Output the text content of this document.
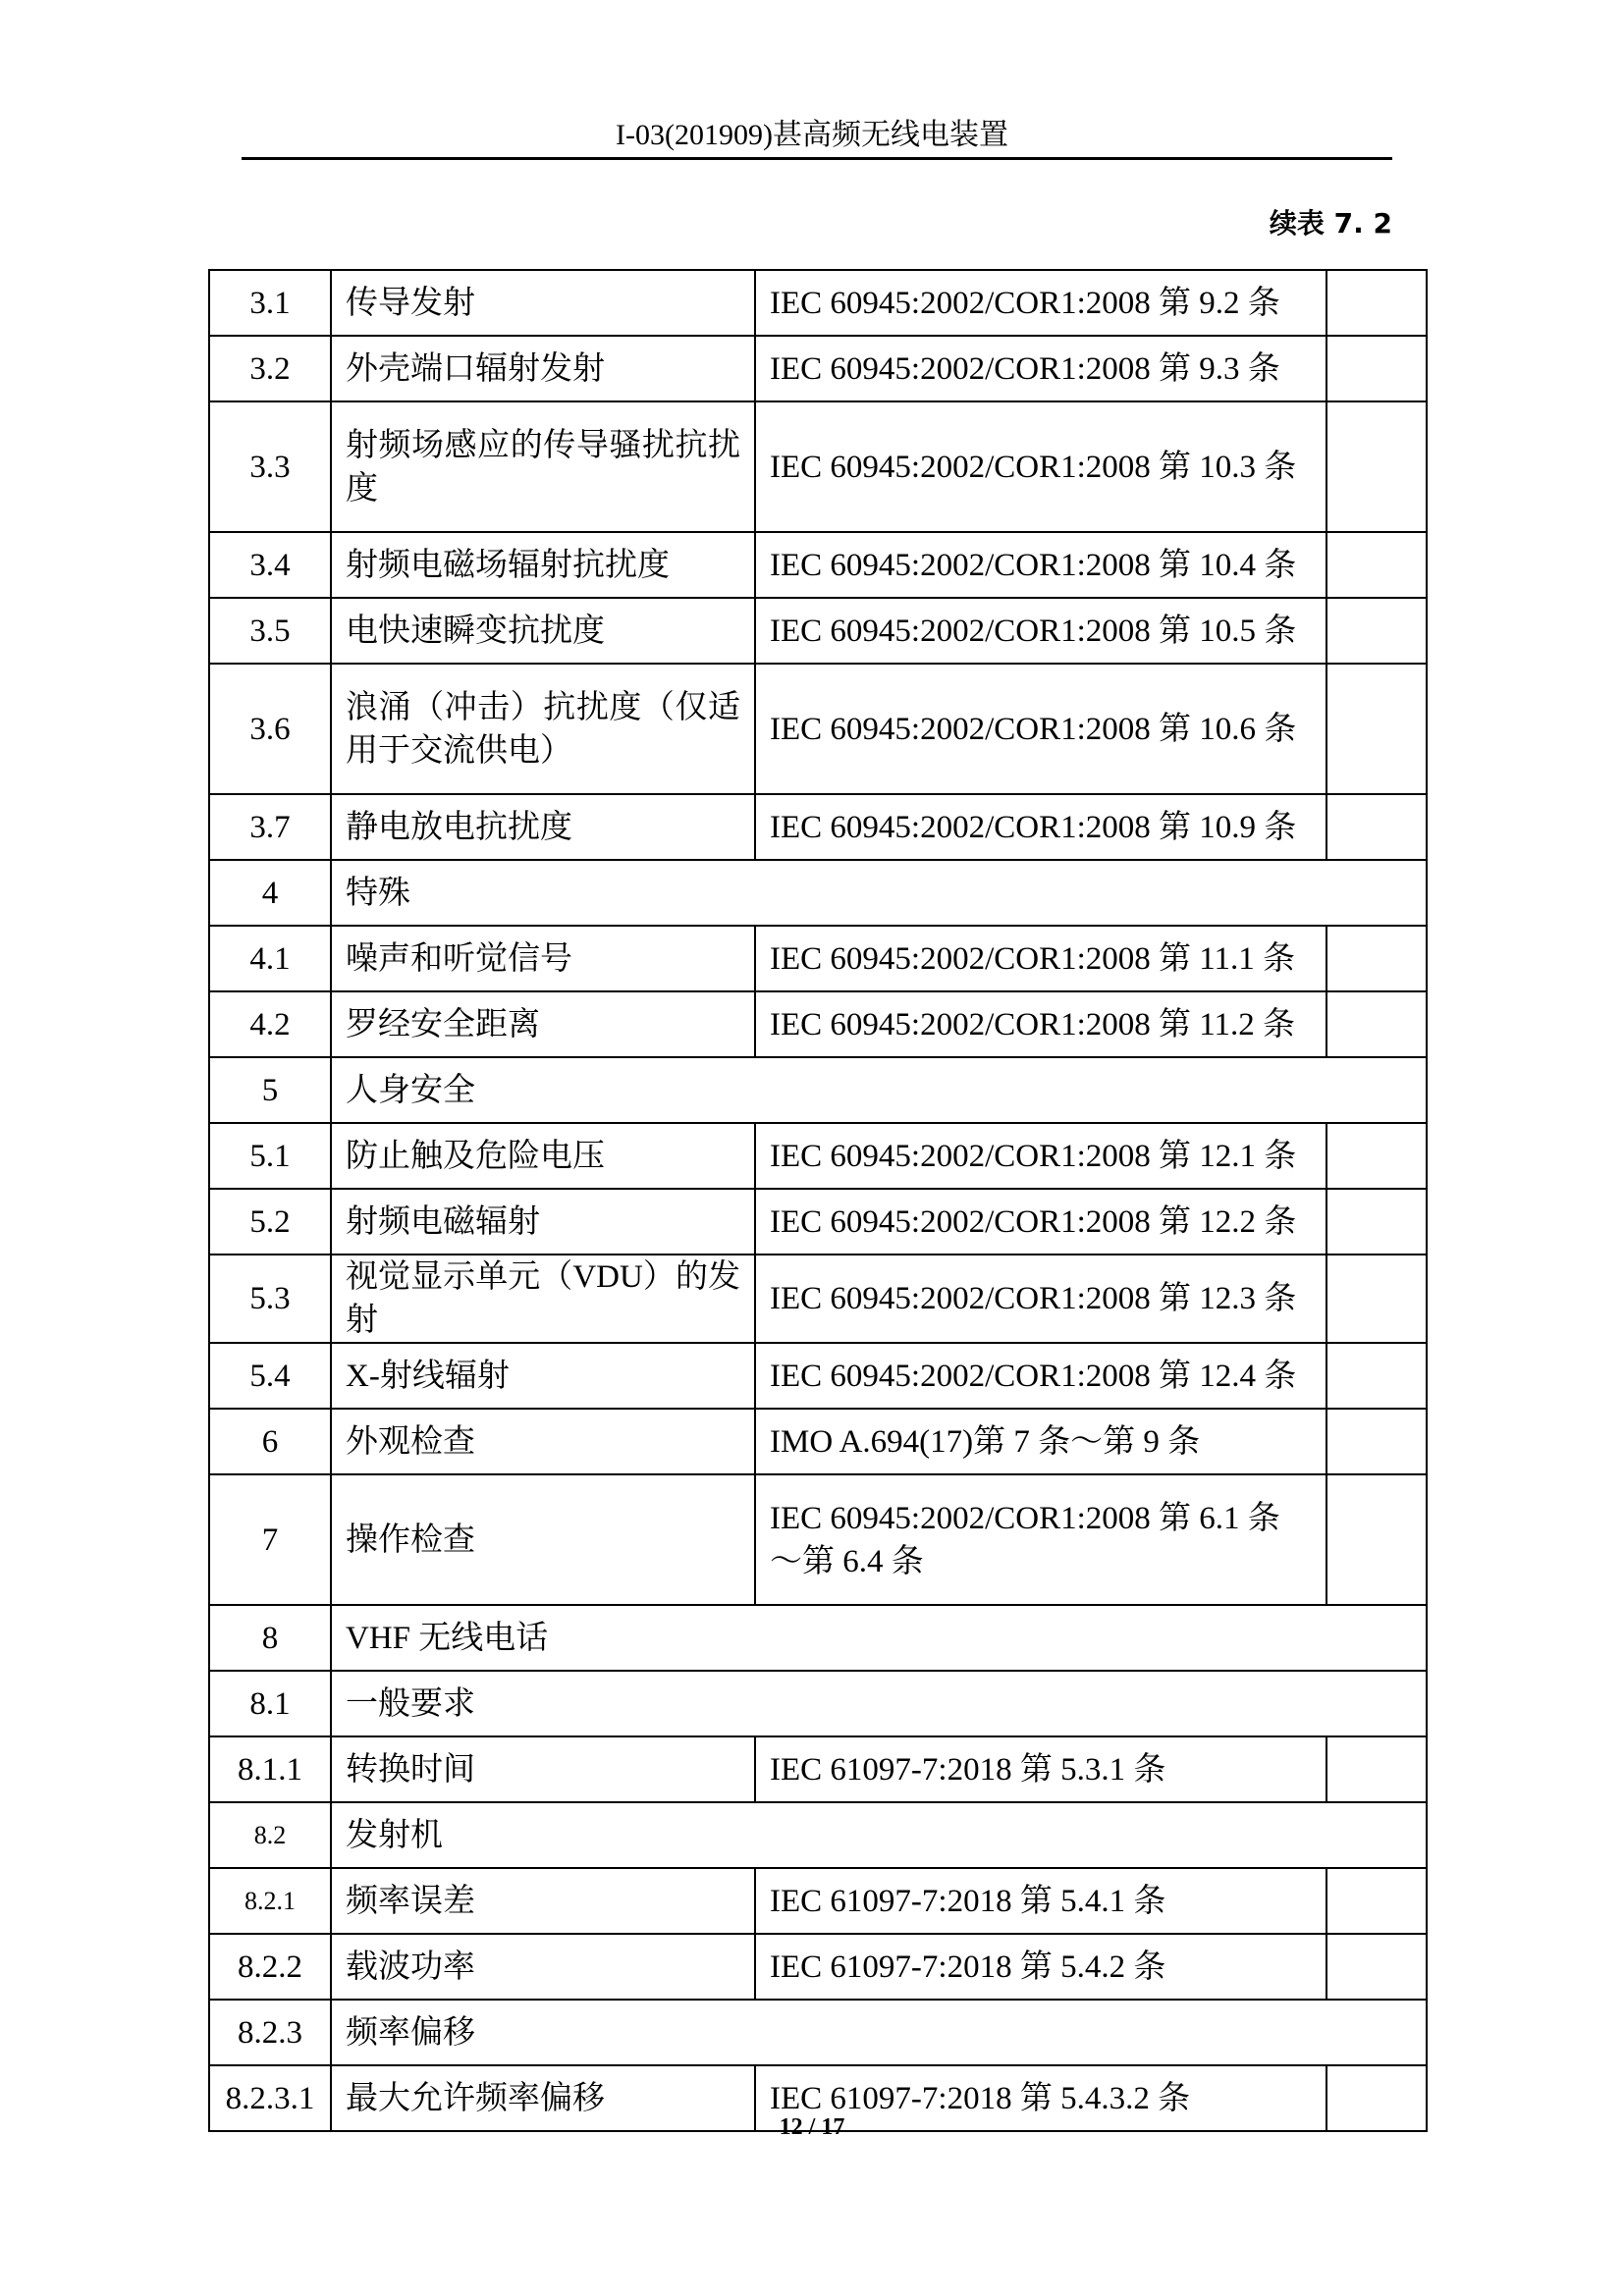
I-03(201909)甚高频无线电装置
续表 7. 2
3.1	传导发射	IEC 60945:2002/COR1:2008 第 9.2 条	
3.2	外壳端口辐射发射	IEC 60945:2002/COR1:2008 第 9.3 条	
3.3	射频场感应的传导骚扰抗扰度	IEC 60945:2002/COR1:2008 第 10.3 条	
3.4	射频电磁场辐射抗扰度	IEC 60945:2002/COR1:2008 第 10.4 条	
3.5	电快速瞬变抗扰度	IEC 60945:2002/COR1:2008 第 10.5 条	
3.6	浪涌（冲击）抗扰度（仅适用于交流供电）	IEC 60945:2002/COR1:2008 第 10.6 条	
3.7	静电放电抗扰度	IEC 60945:2002/COR1:2008 第 10.9 条	
4	特殊		
4.1	噪声和听觉信号	IEC 60945:2002/COR1:2008 第 11.1 条	
4.2	罗经安全距离	IEC 60945:2002/COR1:2008 第 11.2 条	
5	人身安全		
5.1	防止触及危险电压	IEC 60945:2002/COR1:2008 第 12.1 条	
5.2	射频电磁辐射	IEC 60945:2002/COR1:2008 第 12.2 条	
5.3	视觉显示单元（VDU）的发射	IEC 60945:2002/COR1:2008 第 12.3 条	
5.4	X-射线辐射	IEC 60945:2002/COR1:2008 第 12.4 条	
6	外观检查	IMO A.694(17)第 7 条～第 9 条	
7	操作检查	IEC 60945:2002/COR1:2008 第 6.1 条～第 6.4 条	
8	VHF 无线电话		
8.1	一般要求		
8.1.1	转换时间	IEC 61097-7:2018 第 5.3.1 条	
8.2	发射机		
8.2.1	频率误差	IEC 61097-7:2018 第 5.4.1 条	
8.2.2	载波功率	IEC 61097-7:2018 第 5.4.2 条	
8.2.3	频率偏移		
8.2.3.1	最大允许频率偏移	IEC 61097-7:2018 第 5.4.3.2 条	
12 / 17
